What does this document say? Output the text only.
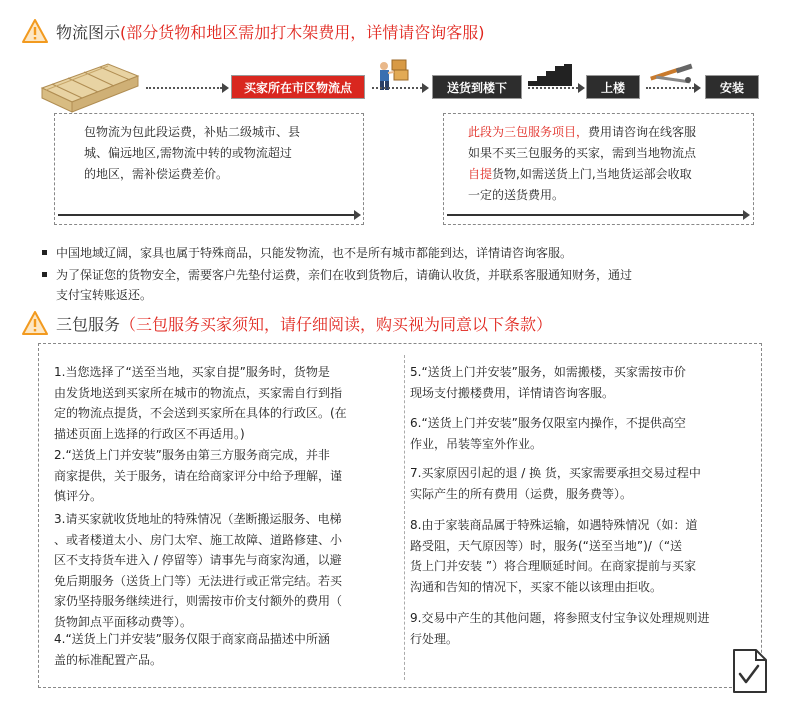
物流图示 (部分货物和地区需加打木架费用，详情请咨询客服)
买家所在市区物流点	送货到楼下	上楼	安装
包物流为包此段运费，补贴二级城市、县
城、偏远地区,需物流中转的或物流超过
的地区，需补偿运费差价。
此段为三包服务项目，费用请咨询在线客服
如果不买三包服务的买家，需到当地物流点
自提货物,如需送货上门,当地货运部会收取
一定的送货费用。
中国地域辽阔，家具也属于特殊商品，只能发物流，也不是所有城市都能到达，详情请咨询客服。
为了保证您的货物安全，需要客户先垫付运费，亲们在收到货物后，请确认收货，并联系客服通知财务，通过
支付宝转账返还。
三包服务 （三包服务买家须知，请仔细阅读，购买视为同意以下条款）
1.当您选择了“送至当地，买家自提”服务时，货物是
由发货地送到买家所在城市的物流点，买家需自行到指
定的物流点提货，不会送到买家所在具体的行政区。(在
描述页面上选择的行政区不再适用。)
2.“送货上门并安装”服务由第三方服务商完成，并非
商家提供，关于服务，请在给商家评分中给予理解，谨
慎评分。
3.请买家就收货地址的特殊情况（垄断搬运服务、电梯
、或者楼道太小、房门太窄、施工故障、道路修建、小
区不支持货车进入 / 停留等）请事先与商家沟通，以避
免后期服务（送货上门等）无法进行或正常完结。若买
家仍坚持服务继续进行，则需按市价支付额外的费用（
货物卸点平面移动费等）。
4.“送货上门并安装”服务仅限于商家商品描述中所涵
盖的标准配置产品。
5.“送货上门并安装”服务，如需搬楼，买家需按市价
现场支付搬楼费用，详情请咨询客服。
6.“送货上门并安装”服务仅限室内操作，不提供高空
作业，吊装等室外作业。
7.买家原因引起的退 / 换 货，买家需要承担交易过程中
实际产生的所有费用（运费，服务费等）。
8.由于家装商品属于特殊运输，如遇特殊情况（如：道
路受阻，天气原因等）时，服务(“送至当地”)/（“送
货上门并安装 ”）将合理顺延时间。在商家提前与买家
沟通和告知的情况下，买家不能以该理由拒收。
9.交易中产生的其他问题，将参照支付宝争议处理规则进
行处理。
